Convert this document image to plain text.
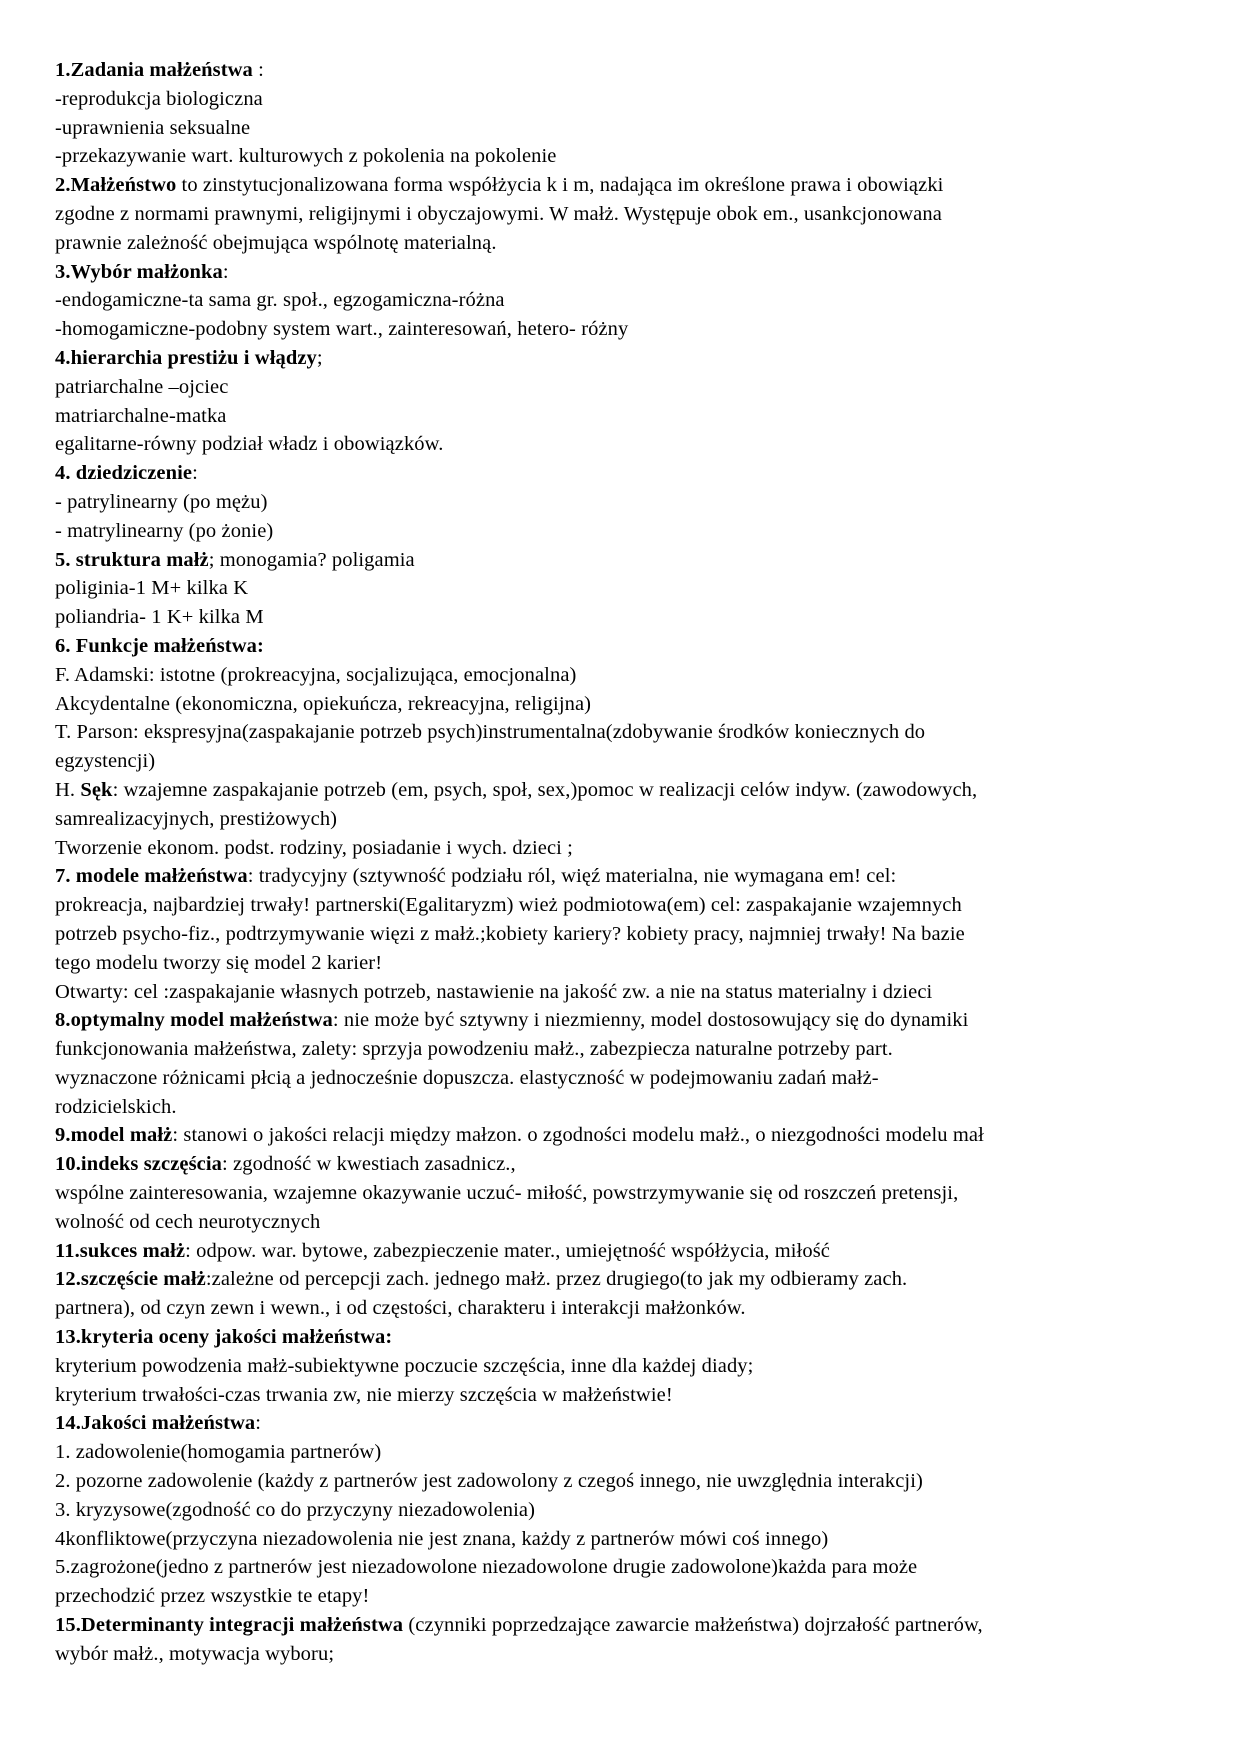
1.Zadania małżeństwa :
-reprodukcja biologiczna
-uprawnienia seksualne
-przekazywanie wart. kulturowych z pokolenia na pokolenie
2.Małżeństwo to zinstytucjonalizowana forma współżycia k i m, nadająca im określone prawa i obowiązki
zgodne z normami prawnymi, religijnymi i obyczajowymi. W małż. Występuje obok em., usankcjonowana
prawnie zależność obejmująca wspólnotę materialną.
3.Wybór małżonka:
-endogamiczne-ta sama gr. społ., egzogamiczna-różna
-homogamiczne-podobny system wart., zainteresowań, hetero- różny
4.hierarchia prestiżu i włądzy;
patriarchalne –ojciec
matriarchalne-matka
egalitarne-równy podział władz i obowiązków.
4. dziedziczenie:
- patrylinearny (po mężu)
- matrylinearny (po żonie)
5. struktura małż; monogamia? poligamia
poliginia-1 M+ kilka K
poliandria- 1 K+ kilka M
6. Funkcje małżeństwa:
F. Adamski: istotne (prokreacyjna, socjalizująca, emocjonalna)
Akcydentalne (ekonomiczna, opiekuńcza, rekreacyjna, religijna)
T. Parson: ekspresyjna(zaspakajanie potrzeb psych)instrumentalna(zdobywanie środków koniecznych do
egzystencji)
H. Sęk: wzajemne zaspakajanie potrzeb (em, psych, społ, sex,)pomoc w realizacji celów indyw. (zawodowych,
samrealizacyjnych, prestiżowych)
Tworzenie ekonom. podst. rodziny, posiadanie i wych. dzieci ;
7. modele małżeństwa: tradycyjny (sztywność podziału ról, więź materialna, nie wymagana em! cel:
prokreacja, najbardziej trwały! partnerski(Egalitaryzm) wież podmiotowa(em) cel: zaspakajanie wzajemnych
potrzeb psycho-fiz., podtrzymywanie więzi z małż.;kobiety kariery? kobiety pracy, najmniej trwały! Na bazie
tego modelu tworzy się model 2 karier!
Otwarty: cel :zaspakajanie własnych potrzeb, nastawienie na jakość zw. a nie na status materialny i dzieci
8.optymalny model małżeństwa: nie może być sztywny i niezmienny, model dostosowujący się do dynamiki
funkcjonowania małżeństwa, zalety: sprzyja powodzeniu małż., zabezpiecza naturalne potrzeby part.
wyznaczone różnicami płcią a jednocześnie dopuszcza. elastyczność w podejmowaniu zadań małż-
rodzicielskich.
9.model małż: stanowi o jakości relacji między małzon. o zgodności modelu małż., o niezgodności modelu mał
10.indeks szczęścia: zgodność w kwestiach zasadnicz.,
wspólne zainteresowania, wzajemne okazywanie uczuć- miłość, powstrzymywanie się od roszczeń pretensji,
wolność od cech neurotycznych
11.sukces małż: odpow. war. bytowe, zabezpieczenie mater., umiejętność współżycia, miłość
12.szczęście małż:zależne od percepcji zach. jednego małż. przez drugiego(to jak my odbieramy zach.
partnera), od czyn zewn i wewn., i od częstości, charakteru i interakcji małżonków.
13.kryteria oceny jakości małżeństwa:
kryterium powodzenia małż-subiektywne poczucie szczęścia, inne dla każdej diady;
kryterium trwałości-czas trwania zw, nie mierzy szczęścia w małżeństwie!
14.Jakości małżeństwa:
1. zadowolenie(homogamia partnerów)
2. pozorne zadowolenie (każdy z partnerów jest zadowolony z czegoś innego, nie uwzględnia interakcji)
3. kryzysowe(zgodność co do przyczyny niezadowolenia)
4konfliktowe(przyczyna niezadowolenia nie jest znana, każdy z partnerów mówi coś innego)
5.zagrożone(jedno z partnerów jest niezadowolone niezadowolone drugie zadowolone)każda para może
przechodzić przez wszystkie te etapy!
15.Determinanty integracji małżeństwa (czynniki poprzedzające zawarcie małżeństwa) dojrzałość partnerów,
wybór małż., motywacja wyboru;
